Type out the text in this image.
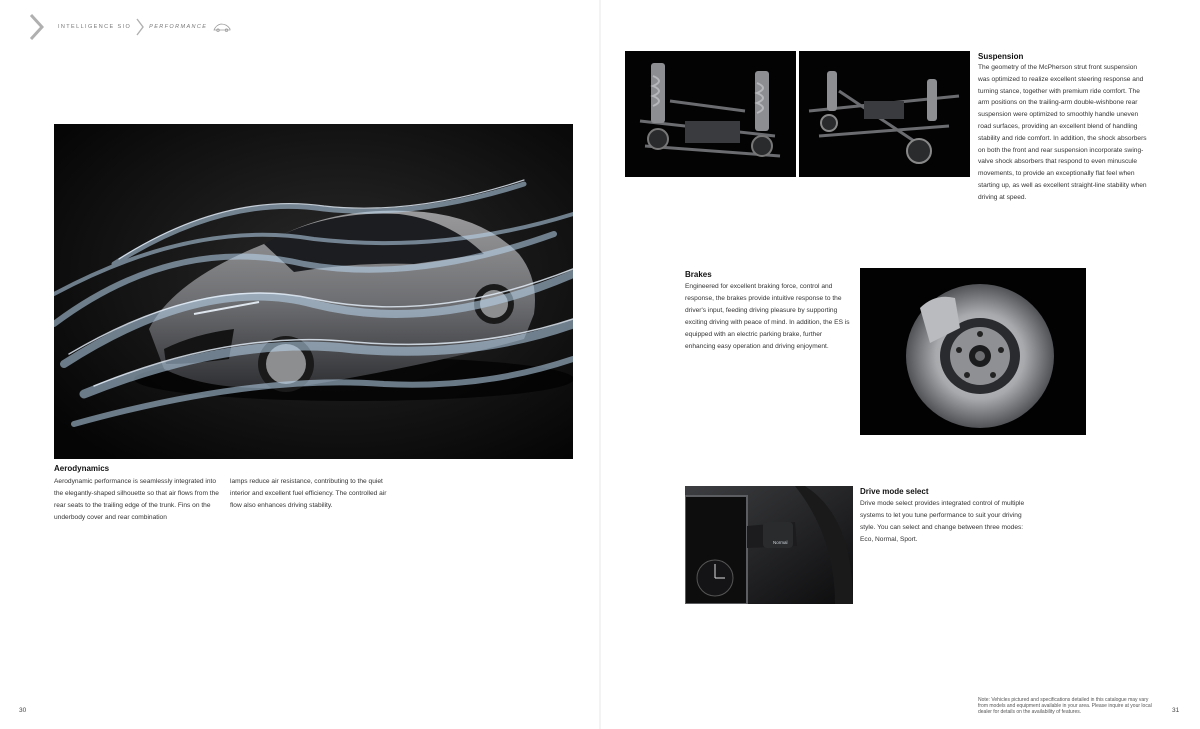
INTELLIGENCE SIO	PERFORMANCE
Aerodynamics

Aerodynamic performance is seamlessly integrated into the elegantly-shaped silhouette so that air flows from the rear seats to the trailing edge of the trunk. Fins on the underbody cover and rear combination

lamps reduce air resistance, contributing to the quiet interior and excellent fuel efficiency. The controlled air flow also enhances driving stability.

Suspension

The geometry of the McPherson strut front suspension was optimized to realize excellent steering response and turning stance, together with premium ride comfort. The arm positions on the trailing-arm double-wishbone rear suspension were optimized to smoothly handle uneven road surfaces, providing an excellent blend of handling stability and ride comfort. In addition, the shock absorbers on both the front and rear suspension incorporate swing-valve shock absorbers that respond to even minuscule movements, to provide an exceptionally flat feel when starting up, as well as excellent straight-line stability when driving at speed.

Brakes

Engineered for excellent braking force, control and response, the brakes provide intuitive response to the driver's input, feeding driving pleasure by supporting exciting driving with peace of mind. In addition, the ES is equipped with an electric parking brake, further enhancing easy operation and driving enjoyment.

Normal
Drive mode select

Drive mode select provides integrated control of multiple systems to let you tune performance to suit your driving style. You can select and change between three modes: Eco, Normal, Sport.

30	31

Note: Vehicles pictured and specifications detailed in this catalogue may vary from models and equipment available in your area. Please inquire at your local dealer for details on the availability of features.
